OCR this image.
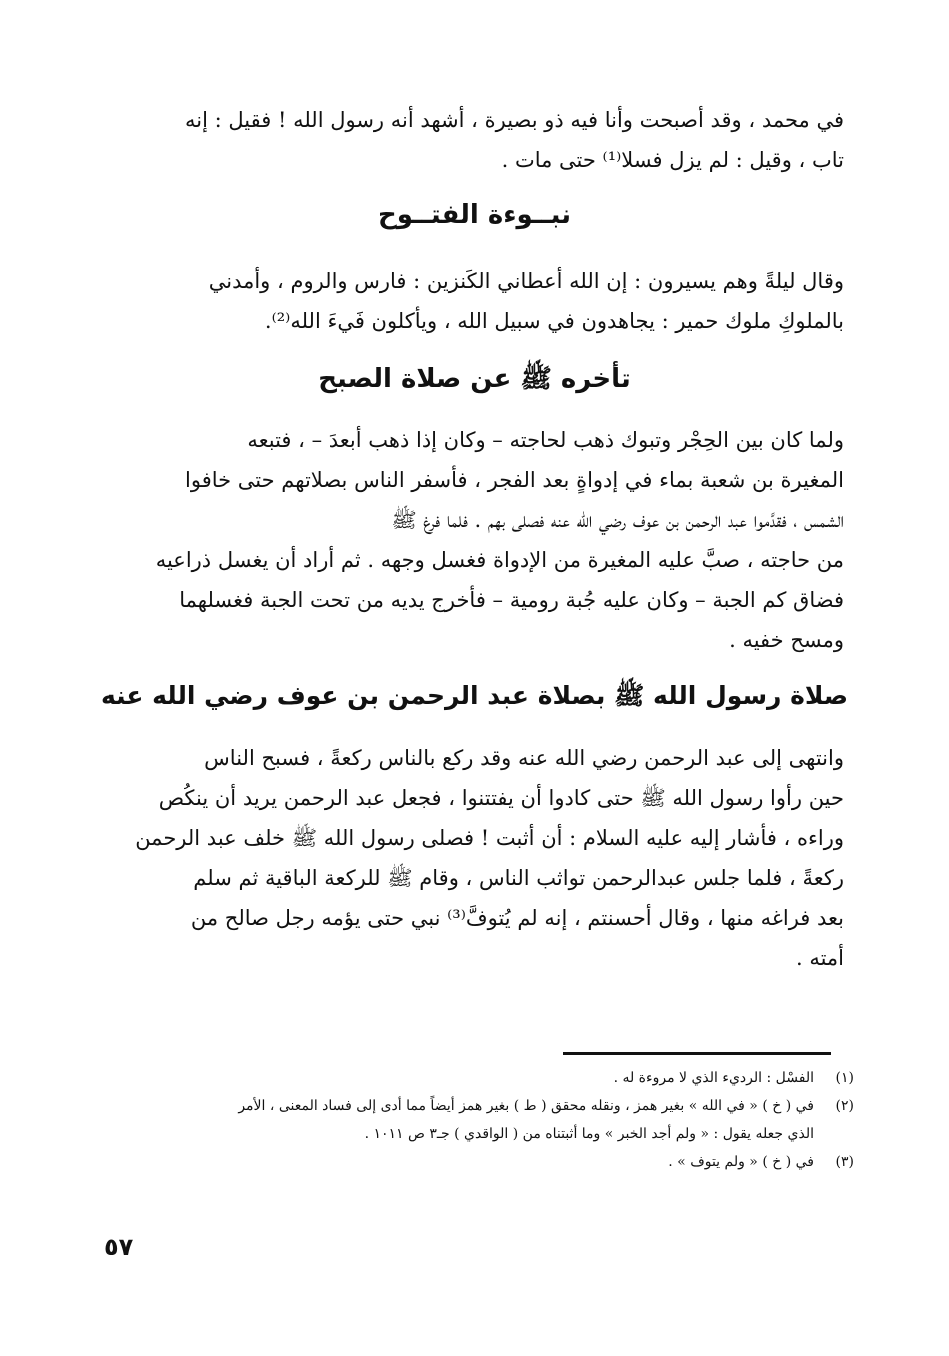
في محمد ، وقد أصبحت وأنا فيه ذو بصيرة ، أشهد أنه رسول الله ! فقيل : إنه

تاب ، وقيل : لم يزل فسلا⁽¹⁾ حتى مات .

نبــوءة الفتــوح

وقال ليلةً وهم يسيرون : إن الله أعطاني الكَنزين : فارس والروم ، وأمدني

بالملوكِ ملوك حمير : يجاهدون في سبيل الله ، ويأكلون فَيءَ الله⁽²⁾.

تأخره ﷺ عن صلاة الصبح

ولما كان بين الحِجْر وتبوك ذهب لحاجته – وكان إذا ذهب أبعدَ – ، فتبعه

المغيرة بن شعبة بماء في إدواةٍ بعد الفجر ، فأسفر الناس بصلاتهم حتى خافوا

الشمس ، فقدَّموا عبد الرحمن بن عوف رضي الله عنه فصلى بهم . فلما فرغ ﷺ

من حاجته ، صبَّ عليه المغيرة من الإدواة فغسل وجهه . ثم أراد أن يغسل ذراعيه

فضاق كم الجبة – وكان عليه جُبة رومية – فأخرج يديه من تحت الجبة فغسلهما

ومسح خفيه .

صلاة رسول الله ﷺ بصلاة عبد الرحمن بن عوف رضي الله عنه

وانتهى إلى عبد الرحمن رضي الله عنه وقد ركع بالناس ركعةً ، فسبح الناس

حين رأوا رسول الله ﷺ حتى كادوا أن يفتتنوا ، فجعل عبد الرحمن يريد أن ينكُص

وراءه ، فأشار إليه عليه السلام : أن أثبت ! فصلى رسول الله ﷺ خلف عبد الرحمن

ركعةً ، فلما جلس عبدالرحمن تواثب الناس ، وقام ﷺ للركعة الباقية ثم سلم

بعد فراغه منها ، وقال أحسنتم ، إنه لم يُتوفَّ⁽³⁾ نبي حتى يؤمه رجل صالح من

أمته .

(١)
الفسْل : الرديء الذي لا مروءة له .
(٢)
في ( خ ) « في الله » بغير همز ، ونقله محقق ( ط ) بغير همز أيضاً مما أدى إلى فساد المعنى ، الأمر
الذي جعله يقول : « ولم أجد الخبر » وما أثبتناه من ( الواقدي ) جـ٣ ص ١٠١١ .
(٣)
في ( خ ) « ولم يتوف » .
٥٧
